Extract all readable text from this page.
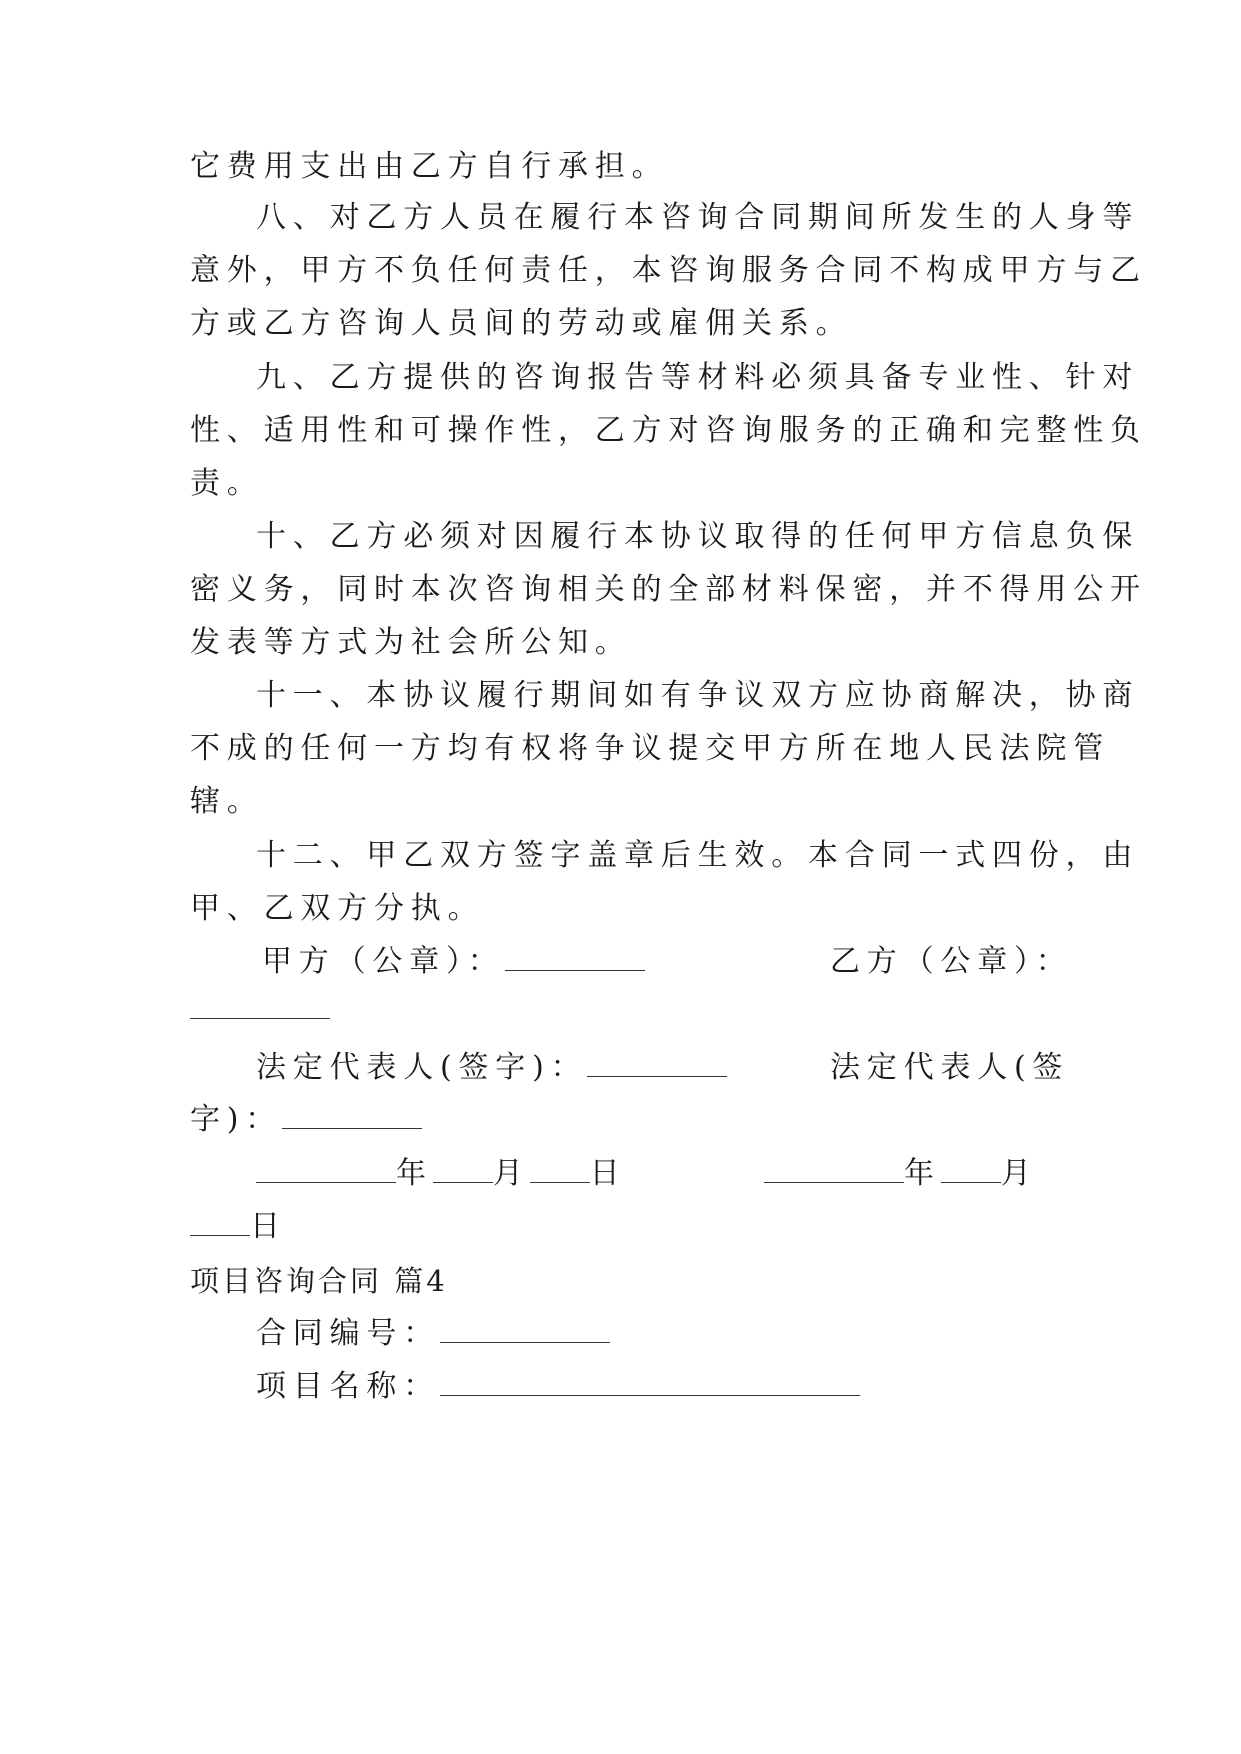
它费用支出由乙方自行承担。
八、对乙方人员在履行本咨询合同期间所发生的人身等
意外，甲方不负任何责任，本咨询服务合同不构成甲方与乙
方或乙方咨询人员间的劳动或雇佣关系。
九、乙方提供的咨询报告等材料必须具备专业性、针对
性、适用性和可操作性，乙方对咨询服务的正确和完整性负
责。
十、乙方必须对因履行本协议取得的任何甲方信息负保
密义务，同时本次咨询相关的全部材料保密，并不得用公开
发表等方式为社会所公知。
十一、本协议履行期间如有争议双方应协商解决，协商
不成的任何一方均有权将争议提交甲方所在地人民法院管
辖。
十二、甲乙双方签字盖章后生效。本合同一式四份，由
甲、乙双方分执。
甲方（公章）：	乙方（公章）：
法定代表人(签字)：	法定代表人(签
字)：
年 月 日	年 月
日
项目咨询合同 篇4
合同编号：
项目名称：
